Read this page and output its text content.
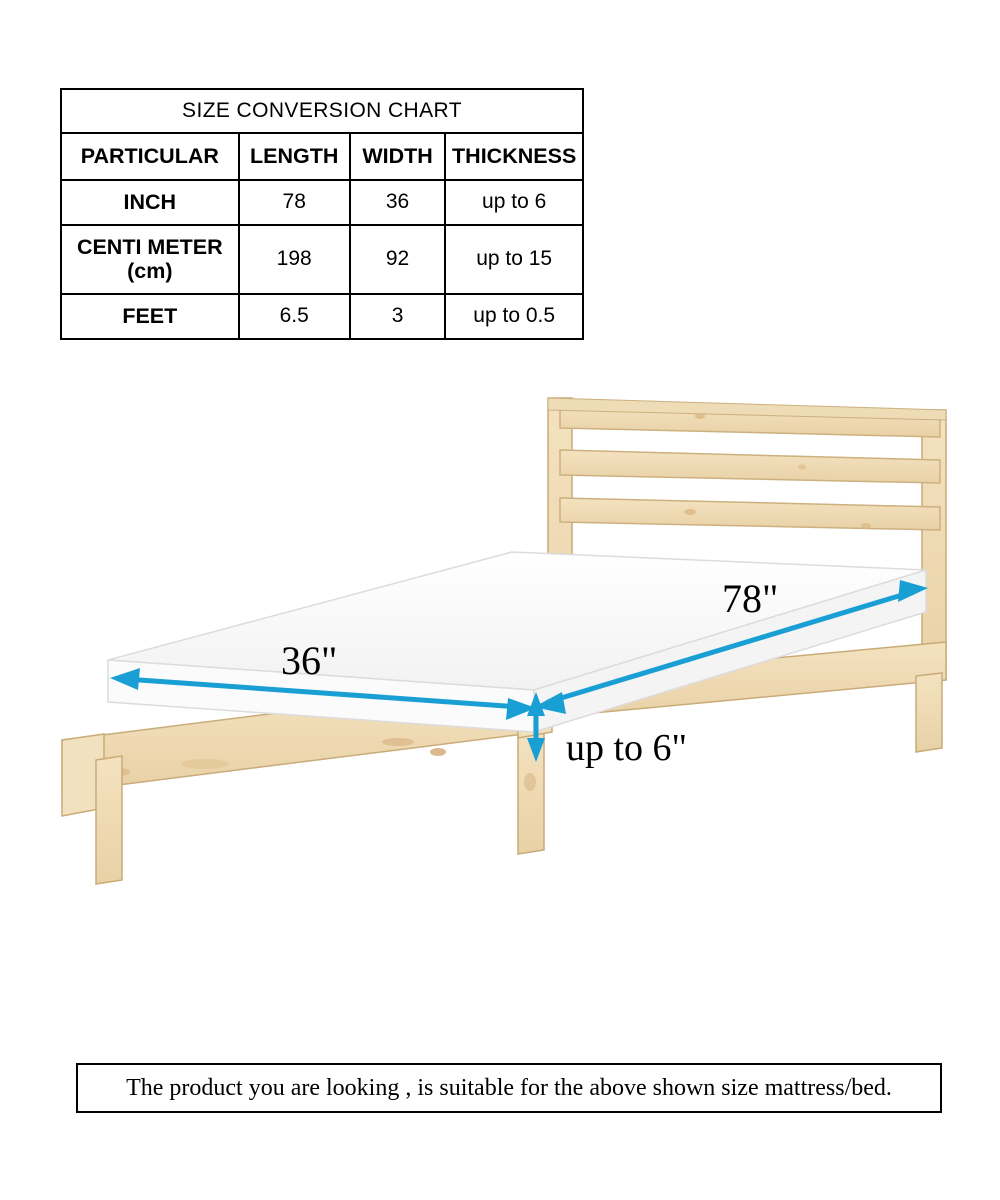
SIZE CONVERSION CHART			
PARTICULAR	LENGTH	WIDTH	THICKNESS
INCH	78	36	up to 6
CENTI METER
(cm)	198	92	up to 15
FEET	6.5	3	up to 0.5
36"
78"
up to 6"
The product you are looking , is suitable for the above shown size mattress/bed.
